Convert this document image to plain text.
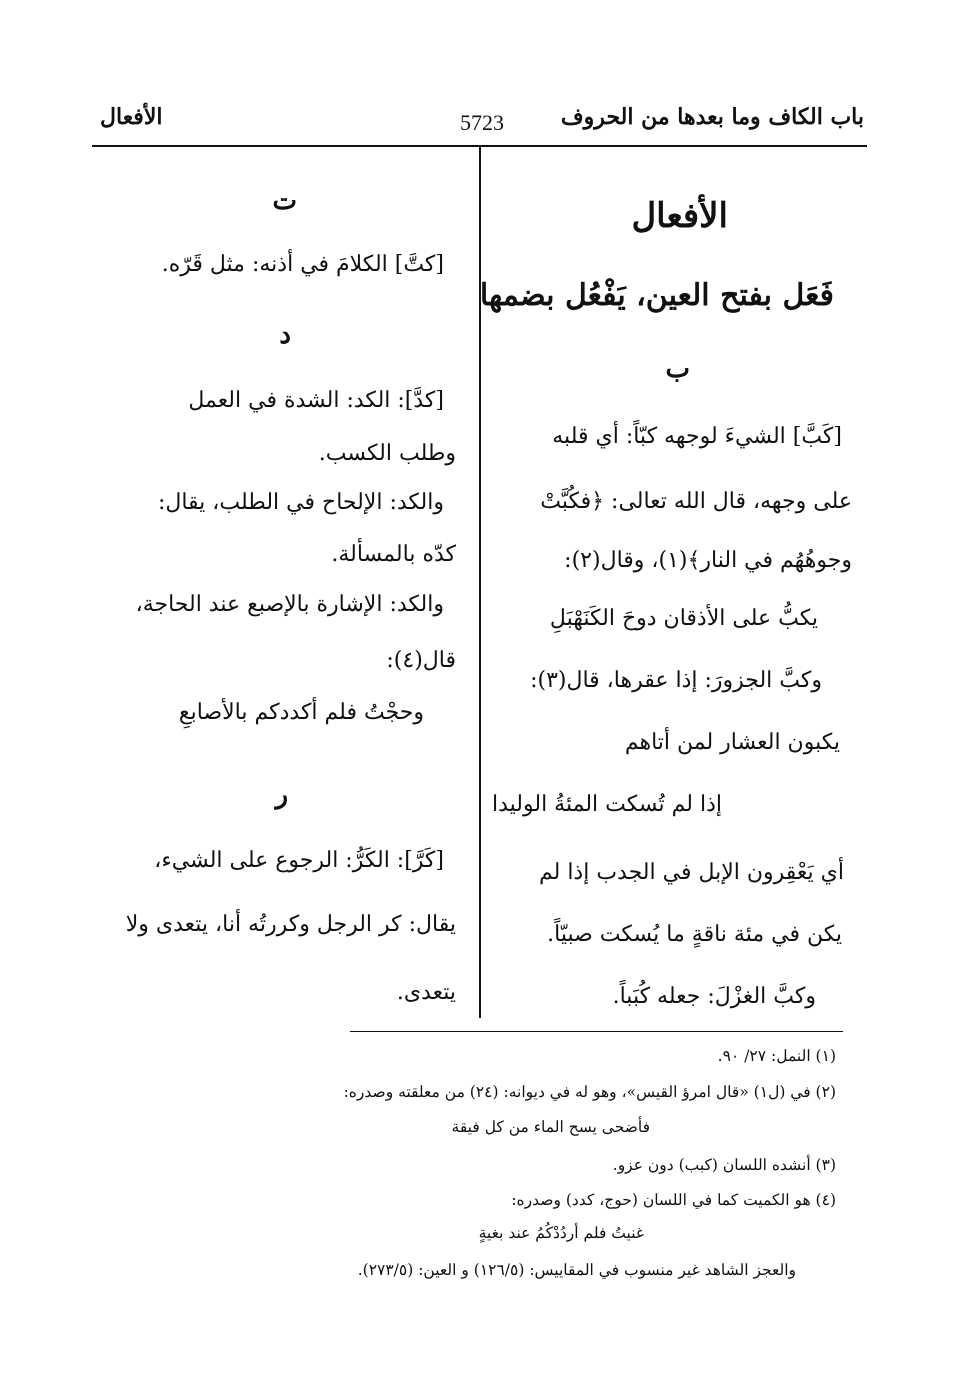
باب الكاف وما بعدها من الحروف
5723
الأفعال
الأفعال
فَعَل بفتح العين، يَفْعُل بضمها
ب
[كَبَّ] الشيءَ لوجهه كبّاً: أي قلبه
على وجهه، قال الله تعالى: ﴿فكُبَّتْ
وجوهُهُم في النار﴾(١)، وقال(٢):
يكبُّ على الأذقان دوحَ الكَنَهْبَلِ
وكبَّ الجزورَ: إذا عقرها، قال(٣):
يكبون العشار لمن أتاهم
إذا لم تُسكت المئةُ الوليدا
أي يَعْقِرون الإبل في الجدب إذا لم
يكن في مئة ناقةٍ ما يُسكت صبيّاً.
وكبَّ الغزْلَ: جعله كُبَباً.
ت
[كتَّ] الكلامَ في أذنه: مثل قَرّه.
د
[كدَّ]: الكد: الشدة في العمل
وطلب الكسب.
والكد: الإلحاح في الطلب، يقال:
كدّه بالمسألة.
والكد: الإشارة بالإصبع عند الحاجة،
قال(٤):
وحجْتُ فلم أكددكم بالأصابعِ
ر
[كَرَّ]: الكَرُّ: الرجوع على الشيء،
يقال: كر الرجل وكررتُه أنا، يتعدى ولا
يتعدى.
(١) النمل: ٢٧/ ٩٠.
(٢) في (ل١) «قال امرؤ القيس»، وهو له في ديوانه: (٢٤) من معلقته وصدره:
فأضحى يسح الماء من كل فيقة
(٣) أنشده اللسان (كبب) دون عزو.
(٤) هو الكميت كما في اللسان (حوج، كدد) وصدره:
غنيتُ فلم أردُدْكُمُ عند بغيةٍ
والعجز الشاهد غير منسوب في المقاييس: (١٢٦/٥) و العين: (٢٧٣/٥).
